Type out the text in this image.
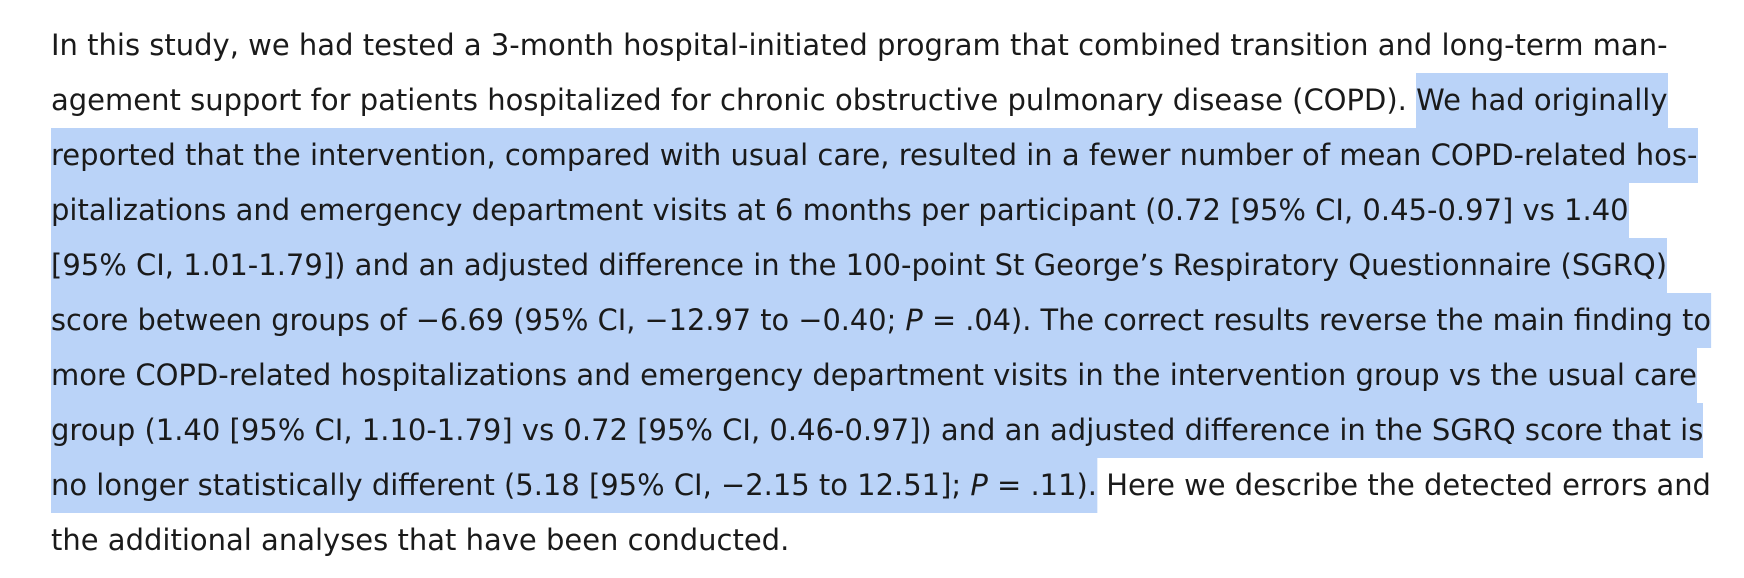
In this study, we had tested a 3-month hospital-initiated program that combined transition and long-term man-
agement support for patients hospitalized for chronic obstructive pulmonary disease (COPD). We had originally
reported that the intervention, compared with usual care, resulted in a fewer number of mean COPD-related hos-
pitalizations and emergency department visits at 6 months per participant (0.72 [95% CI, 0.45-0.97] vs 1.40
[95% CI, 1.01-1.79]) and an adjusted difference in the 100-point St George’s Respiratory Questionnaire (SGRQ)
score between groups of −6.69 (95% CI, −12.97 to −0.40; P = .04). The correct results reverse the main finding to
more COPD-related hospitalizations and emergency department visits in the intervention group vs the usual care
group (1.40 [95% CI, 1.10-1.79] vs 0.72 [95% CI, 0.46-0.97]) and an adjusted difference in the SGRQ score that is
no longer statistically different (5.18 [95% CI, −2.15 to 12.51]; P = .11). Here we describe the detected errors and
the additional analyses that have been conducted.
